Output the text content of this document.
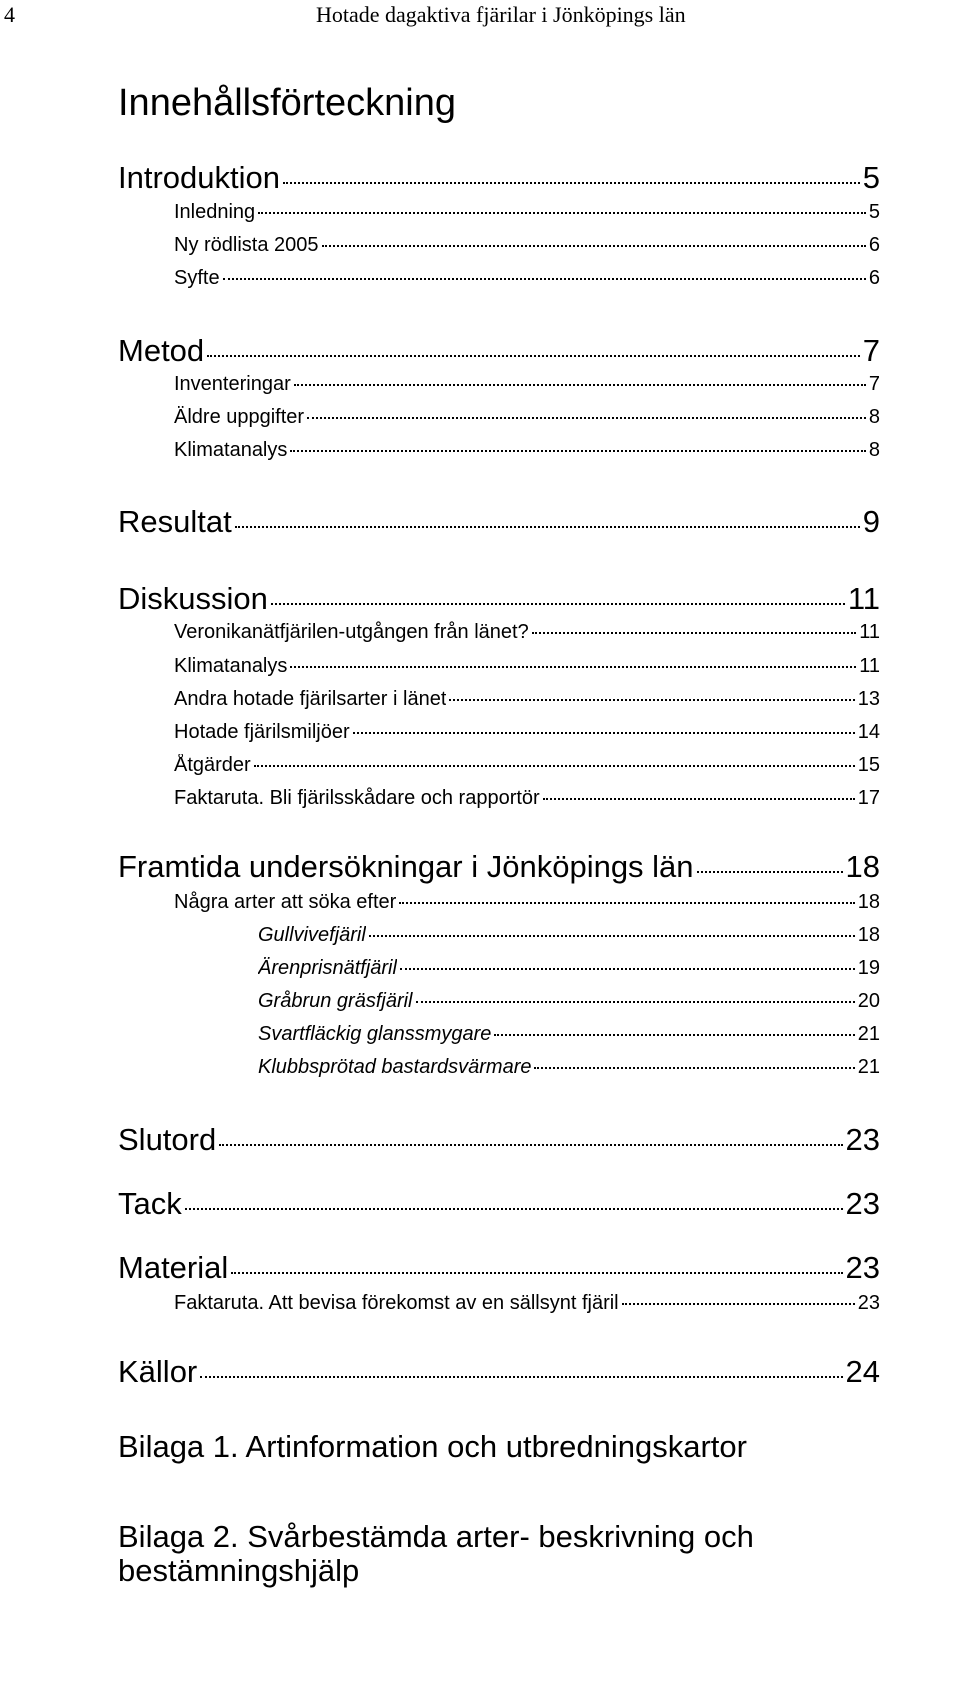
4	Hotade dagaktiva fjärilar i Jönköpings län
Innehållsförteckning
Introduktion	5
Inledning	5
Ny rödlista 2005	6
Syfte	6
Metod	7
Inventeringar	7
Äldre uppgifter	8
Klimatanalys	8
Resultat	9
Diskussion	11
Veronikanätfjärilen-utgången från länet?	11
Klimatanalys	11
Andra hotade fjärilsarter i länet	13
Hotade fjärilsmiljöer	14
Åtgärder	15
Faktaruta. Bli fjärilsskådare och rapportör	17
Framtida undersökningar i Jönköpings län	18
Några arter att söka efter	18
Gullvivefjäril	18
Ärenprisnätfjäril	19
Gråbrun gräsfjäril	20
Svartfläckig glanssmygare	21
Klubbsprötad bastardsvärmare	21
Slutord	23
Tack	23
Material	23
Faktaruta. Att bevisa förekomst av en sällsynt fjäril	23
Källor	24
Bilaga 1. Artinformation och utbredningskartor
Bilaga 2. Svårbestämda arter- beskrivning och bestämningshjälp
